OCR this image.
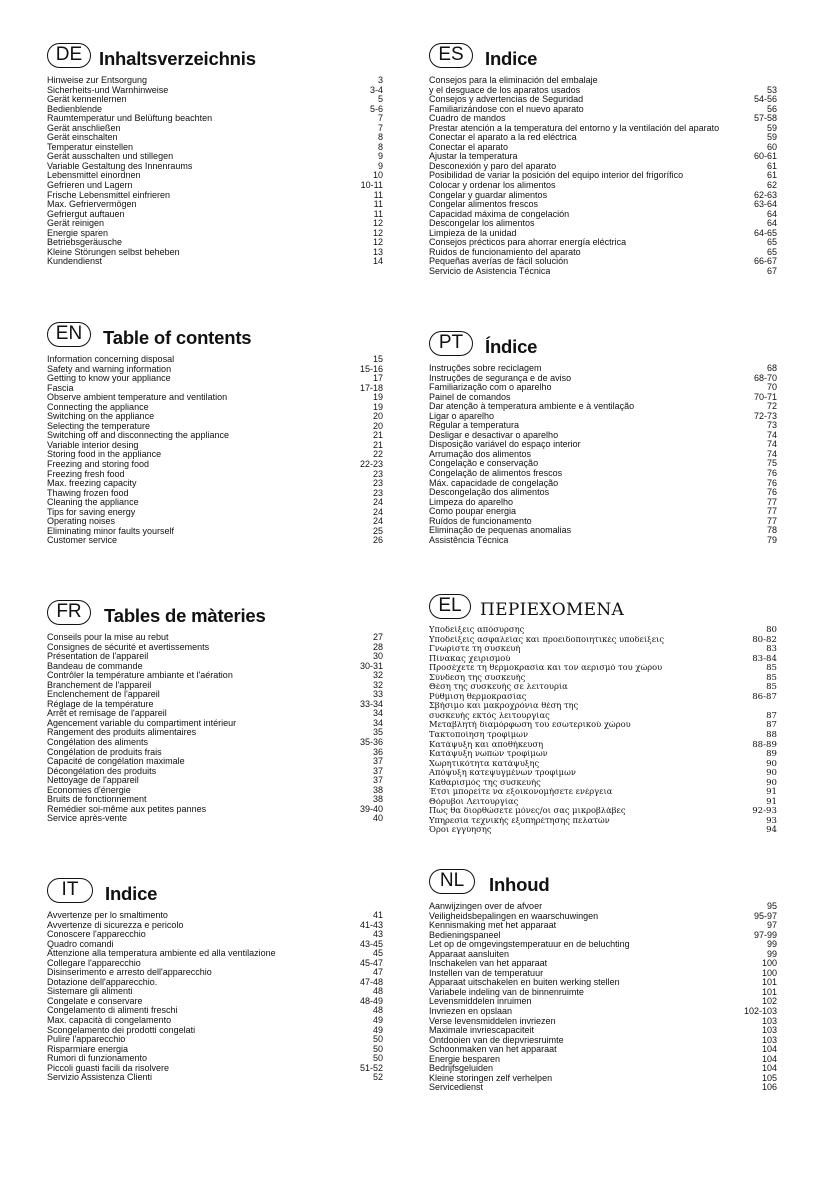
DE Inhaltsverzeichnis
Hinweise zur Entsorgung	3
Sicherheits-und Warnhinweise	3-4
Gerät kennenlernen	5
Bedienblende	5-6
Raumtemperatur und Belüftung beachten	7
Gerät anschließen	7
Gerät einschalten	8
Temperatur einstellen	8
Gerät ausschalten und stillegen	9
Variable Gestaltung des Innenraums	9
Lebensmittel einordnen	10
Gefrieren und Lagern	10-11
Frische Lebensmittel einfrieren	11
Max. Gefriervermögen	11
Gefriergut auftauen	11
Gerät reinigen	12
Energie sparen	12
Betriebsgeräusche	12
Kleine Störungen selbst beheben	13
Kundendienst	14
EN	Table of contents
Information concerning disposal	15
Safety and warning information	15-16
Getting to know your appliance	17
Fascia	17-18
Observe ambient temperature and ventilation	19
Connecting the appliance	19
Switching on the appliance	20
Selecting the temperature	20
Switching off and disconnecting the appliance	21
Variable interior desing	21
Storing food in the appliance	22
Freezing and storing food	22-23
Freezing fresh food	23
Max. freezing capacity	23
Thawing frozen food	23
Cleaning the appliance	24
Tips for saving energy	24
Operating noises	24
Eliminating minor faults yourself	25
Customer service	26
FR	Tables de màteries
Conseils pour la mise au rebut	27
Consignes de sécurité et avertissements	28
Présentation de l'appareil	30
Bandeau de commande	30-31
Contrôler la température ambiante et l'aération	32
Branchement de l'appareil	32
Enclenchement de l'appareil	33
Réglage de la température	33-34
Arrêt et remisage de l'appareil	34
Agencement variable du compartiment intérieur	34
Rangement des produits alimentaires	35
Congélation des aliments	35-36
Congélation de produits frais	36
Capacité de congélation maximale	37
Décongélation des produits	37
Nettoyage de l'appareil	37
Economies d'énergie	38
Bruits de fonctionnement	38
Remédier soi-même aux petites pannes	39-40
Service après-vente	40
IT	Indice
Avvertenze per lo smaltimento	41
Avvertenze di sicurezza e pericolo	41-43
Conoscere l'apparecchio	43
Quadro comandi	43-45
Attenzione alla temperatura ambiente ed alla ventilazione	45
Collegare l'apparecchio	45-47
Disinserimento e arresto dell'apparecchio	47
Dotazione dell'apparecchio.	47-48
Sistemare gli alimenti	48
Congelate e conservare	48-49
Congelamento di alimenti freschi	48
Max. capacità di congelamento	49
Scongelamento dei prodotti congelati	49
Pulire l'apparecchio	50
Risparmiare energia	50
Rumori di funzionamento	50
Piccoli guasti facili da risolvere	51-52
Servizio Assistenza Clienti	52
ES	Indice
Consejos para la eliminación del embalaje
y el desguace de los aparatos usados	53
Consejos y advertencias de Seguridad	54-56
Familiarizándose con el nuevo aparato	56
Cuadro de mandos	57-58
Prestar atención a la temperatura del entorno y la ventilación del aparato	59
Conectar el aparato a la red eléctrica	59
Conectar el aparato	60
Ajustar la temperatura	60-61
Desconexión y paro del aparato	61
Posibilidad de variar la posición del equipo interior del frigorífico	61
Colocar y ordenar los alimentos	62
Congelar y guardar alimentos	62-63
Congelar alimentos frescos	63-64
Capacidad máxima de congelación	64
Descongelar los alimentos	64
Limpieza de la unidad	64-65
Consejos précticos para ahorrar energía eléctrica	65
Ruidos de funcionamiento del aparato	65
Pequeñas averías de fácil solución	66-67
Servicio de Asistencia Técnica	67
PT	Índice
Instruções sobre reciclagem	68
Instruções de segurança e de aviso	68-70
Familiarização com o aparelho	70
Painel de comandos	70-71
Dar atenção à temperatura ambiente e à ventilação	72
Ligar o aparelho	72-73
Regular a temperatura	73
Desligar e desactivar o aparelho	74
Disposição variável do espaço interior	74
Arrumação dos alimentos	74
Congelação e conservação	75
Congelação de alimentos frescos	76
Máx. capacidade de congelação	76
Descongelação dos alimentos	76
Limpeza do aparelho	77
Como poupar energia	77
Ruídos de funcionamento	77
Eliminação de pequenas anomalias	78
Assistência Técnica	79
EL	ΠΕΡΙΕΧΟΜΕΝΑ
Υποδείξεις απόσυρσης	80
Υποδείξεις ασφαλείας και προειδοποιητικές υποδείξεις	80-82
Γνωρίστε τη συσκευή	83
Πίνακας χειρισμού	83-84
Προσέχετε τη θερμοκρασία και τον αερισμό του χώρου	85
Σύνδεση της συσκευής	85
Θέση της συσκευής σε λειτουρία	85
Ρύθμιση θερμοκρασίας	86-87
Σβήσιμο και μακροχρόνια θέση της
συσκευής εκτός λειτουργίας	87
Μεταβλητή διαμόρφωση του εσωτερικού χώρου	87
Τακτοποίηση τροφίμων	88
Κατάψυξη και αποθήκευση	88-89
Κατάψυξη νωπών τροφίμων	89
Χωρητικότητα κατάψυξης	90
Απόψυξη κατεψυγμένων τροφίμων	90
Καθαρισμός της συσκευής	90
Έτσι μπορείτε να εξοικονομήσετε ενέργεια	91
Θόρυβοι Λειτουργίας	91
Πως θα διορθώσετε μόνες/οι σας μικροβλάβες	92-93
Υπηρεσία τεχνικής εξυπηρέτησης πελατών	93
Όροι εγγύησης	94
NL	Inhoud
Aanwijzingen over de afvoer	95
Veiligheidsbepalingen en waarschuwingen	95-97
Kennismaking met het apparaat	97
Bedieningspaneel	97-99
Let op de omgevingstemperatuur en de beluchting	99
Apparaat aansluiten	99
Inschakelen van het apparaat	100
Instellen van de temperatuur	100
Apparaat uitschakelen en buiten werking stellen	101
Variabele indeling van de binnenruimte	101
Levensmiddelen inruimen	102
Invriezen en opslaan	102-103
Verse levensmiddelen invriezen	103
Maximale invriescapaciteit	103
Ontdooien van de diepvriesruimte	103
Schoonmaken van het apparaat	104
Energie besparen	104
Bedrijfsgeluiden	104
Kleine storingen zelf verhelpen	105
Servicedienst	106
